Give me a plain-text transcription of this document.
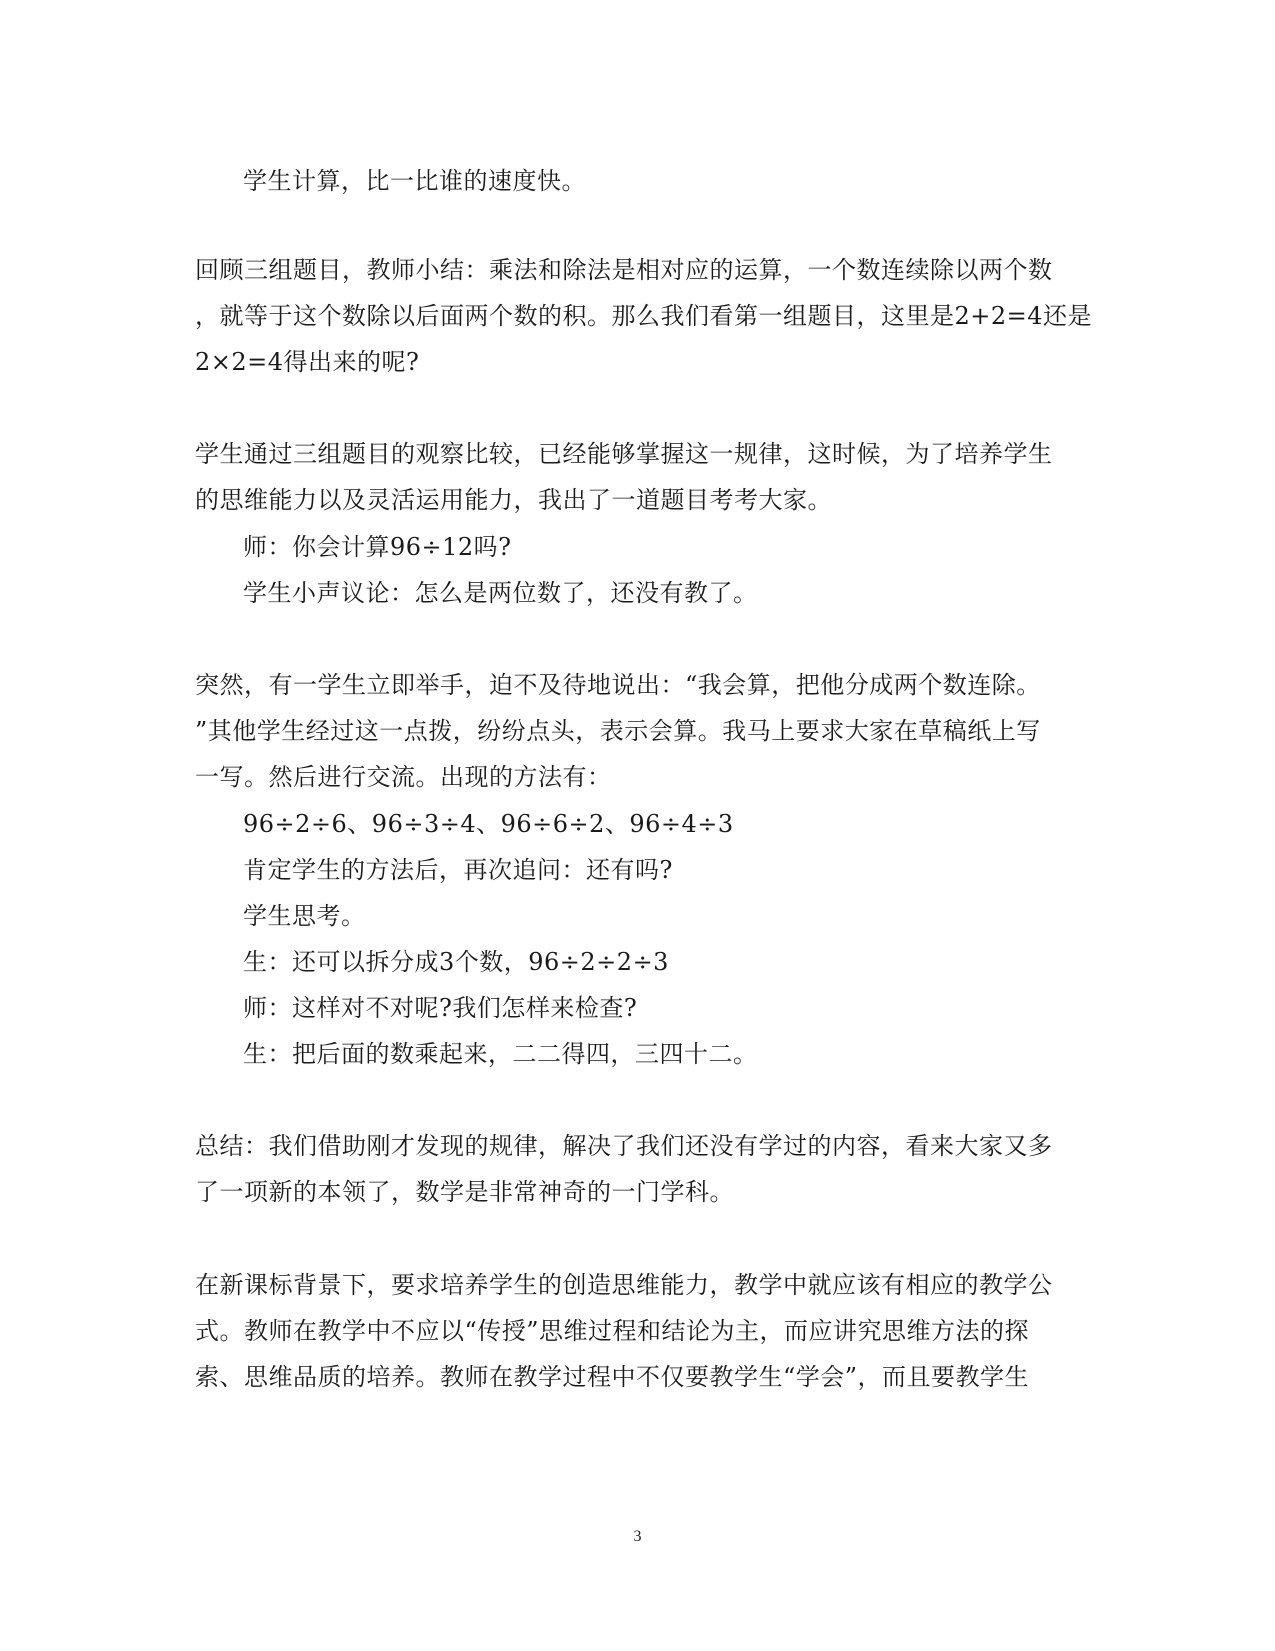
学生计算，比一比谁的速度快。
回顾三组题目，教师小结：乘法和除法是相对应的运算，一个数连续除以两个数
，就等于这个数除以后面两个数的积。那么我们看第一组题目，这里是2+2=4还是
2×2=4得出来的呢?
学生通过三组题目的观察比较，已经能够掌握这一规律，这时候，为了培养学生
的思维能力以及灵活运用能力，我出了一道题目考考大家。
师：你会计算96÷12吗?
学生小声议论：怎么是两位数了，还没有教了。
突然，有一学生立即举手，迫不及待地说出：“我会算，把他分成两个数连除。
”其他学生经过这一点拨，纷纷点头，表示会算。我马上要求大家在草稿纸上写
一写。然后进行交流。出现的方法有：
96÷2÷6、96÷3÷4、96÷6÷2、96÷4÷3
肯定学生的方法后，再次追问：还有吗?
学生思考。
生：还可以拆分成3个数，96÷2÷2÷3
师：这样对不对呢?我们怎样来检查?
生：把后面的数乘起来，二二得四，三四十二。
总结：我们借助刚才发现的规律，解决了我们还没有学过的内容，看来大家又多
了一项新的本领了，数学是非常神奇的一门学科。
在新课标背景下，要求培养学生的创造思维能力，教学中就应该有相应的教学公
式。教师在教学中不应以“传授”思维过程和结论为主，而应讲究思维方法的探
索、思维品质的培养。教师在教学过程中不仅要教学生“学会”，而且要教学生
3
